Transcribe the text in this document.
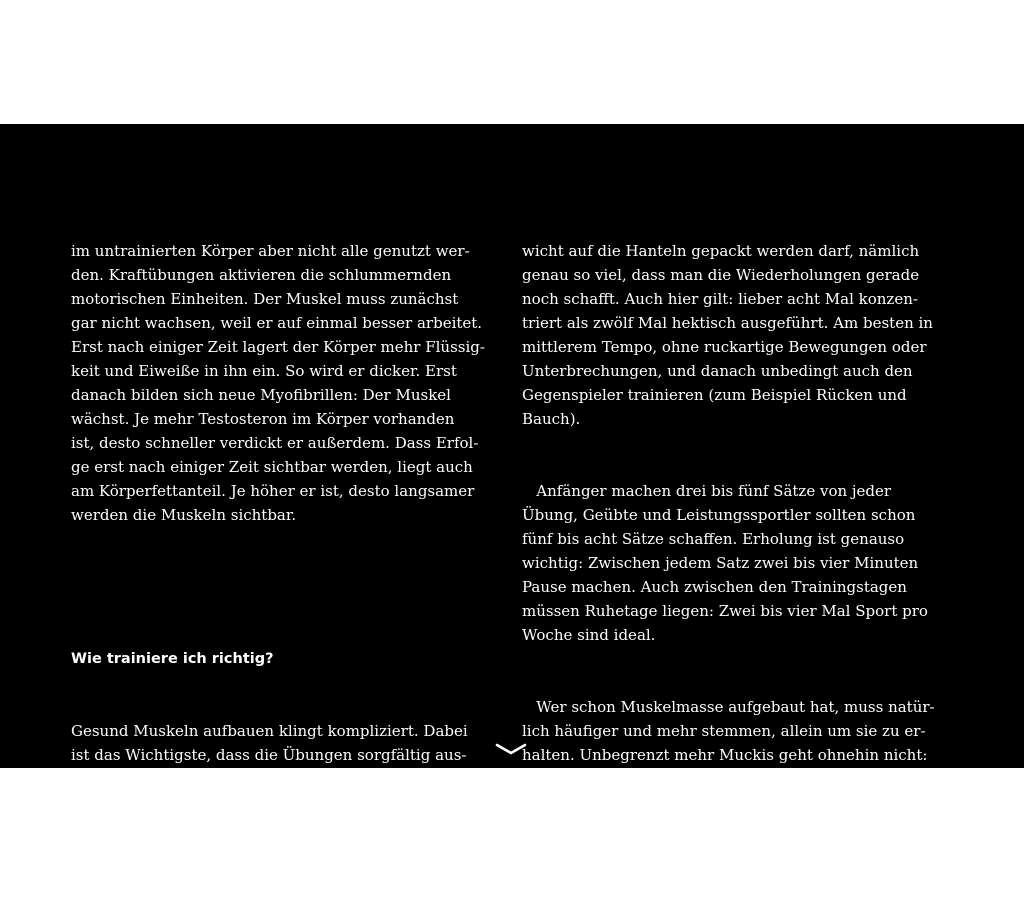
im untrainierten Körper aber nicht alle genutzt wer-
den. Kraftübungen aktivieren die schlummernden
motorischen Einheiten. Der Muskel muss zunächst
gar nicht wachsen, weil er auf einmal besser arbeitet.
Erst nach einiger Zeit lagert der Körper mehr Flüssig-
keit und Eiweiße in ihn ein. So wird er dicker. Erst
danach bilden sich neue Myofibrillen: Der Muskel
wächst. Je mehr Testosteron im Körper vorhanden
ist, desto schneller verdickt er außerdem. Dass Erfol-
ge erst nach einiger Zeit sichtbar werden, liegt auch
am Körperfettanteil. Je höher er ist, desto langsamer
werden die Muskeln sichtbar.

Wie trainiere ich richtig?

Gesund Muskeln aufbauen klingt kompliziert. Dabei
ist das Wichtigste, dass die Übungen sorgfältig aus-
geführt werden. Schnelle und schlampige Bewegun-
gen führen nicht zu mehr Kraft in Rücken und Armen.
Jede Übung sollte pro Satz acht bis zwölf Mal wieder-
holt werden. Diese Zahl gibt auch vor, wie viel Ge-

wicht auf die Hanteln gepackt werden darf, nämlich
genau so viel, dass man die Wiederholungen gerade
noch schafft. Auch hier gilt: lieber acht Mal konzen-
triert als zwölf Mal hektisch ausgeführt. Am besten in
mittlerem Tempo, ohne ruckartige Bewegungen oder
Unterbrechungen, und danach unbedingt auch den
Gegenspieler trainieren (zum Beispiel Rücken und
Bauch).

Anfänger machen drei bis fünf Sätze von jeder
Übung, Geübte und Leistungssportler sollten schon
fünf bis acht Sätze schaffen. Erholung ist genauso
wichtig: Zwischen jedem Satz zwei bis vier Minuten
Pause machen. Auch zwischen den Trainingstagen
müssen Ruhetage liegen: Zwei bis vier Mal Sport pro
Woche sind ideal.

Wer schon Muskelmasse aufgebaut hat, muss natür-
lich häufiger und mehr stemmen, allein um sie zu er-
halten. Unbegrenzt mehr Muckis geht ohnehin nicht:
Jeder Mensch hat seine eigene genetische Grenze,
über die er nicht hinauskommt.
